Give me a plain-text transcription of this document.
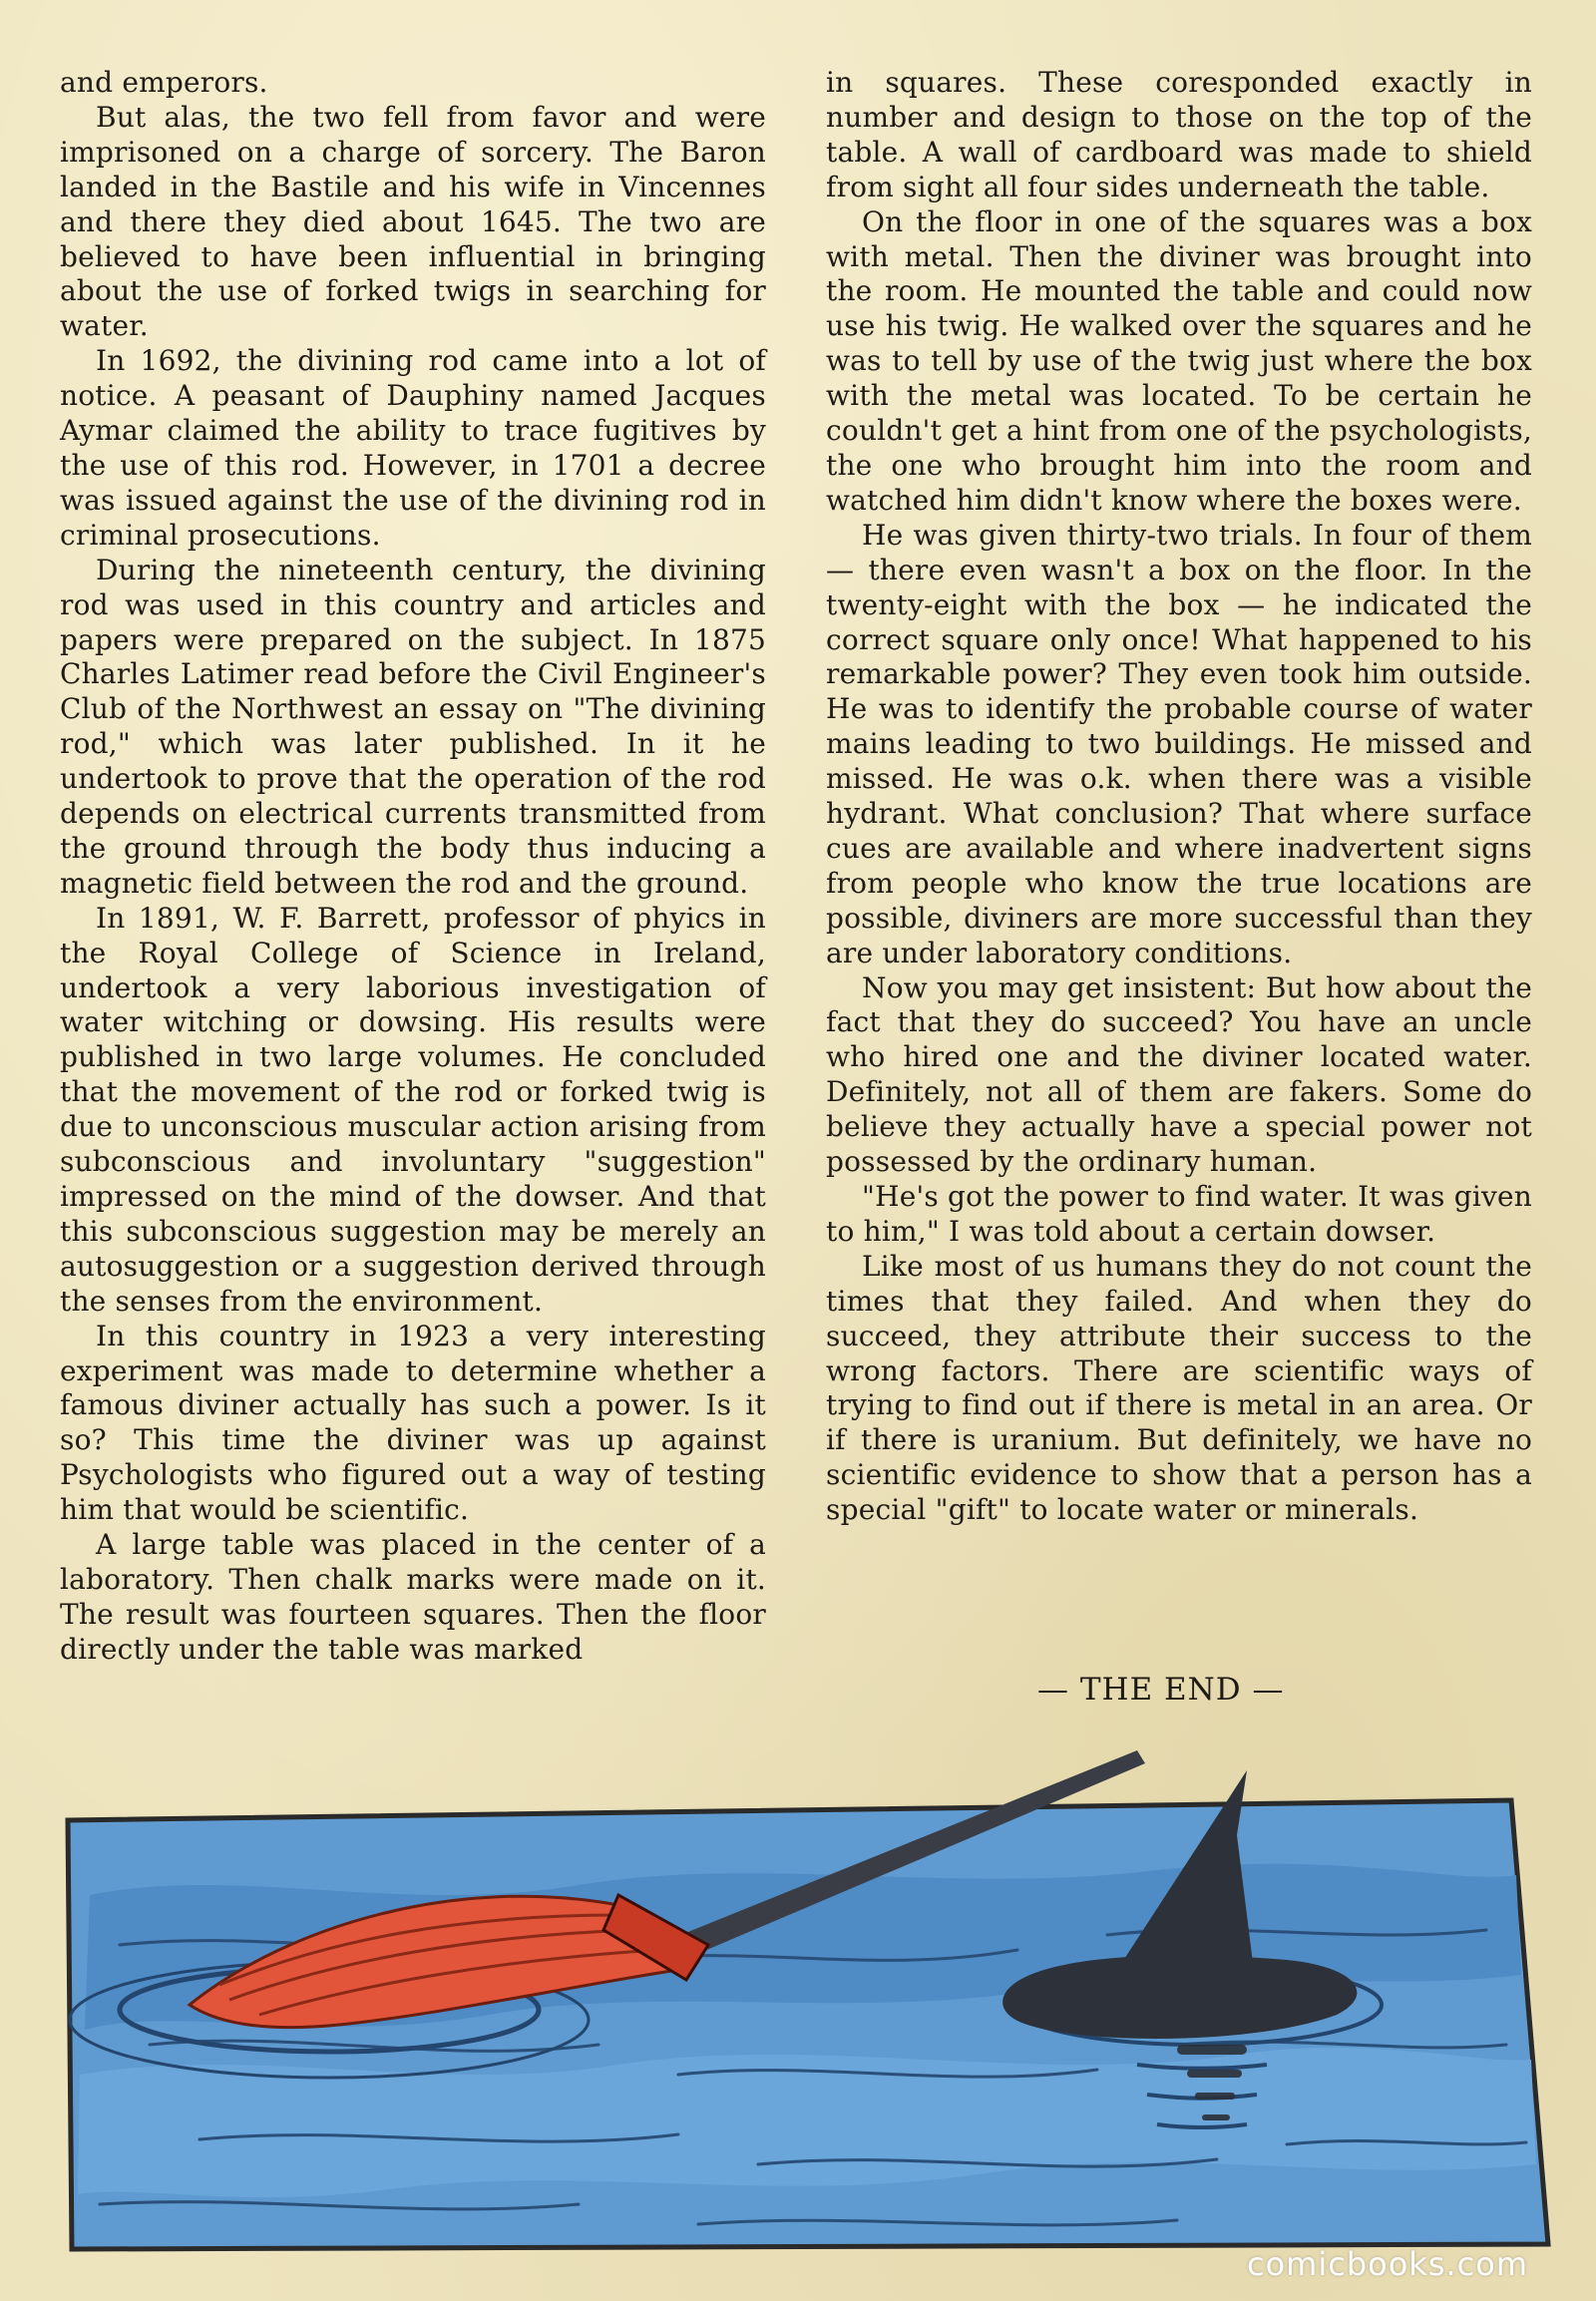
and emperors.

But alas, the two fell from favor and were imprisoned on a charge of sorcery. The Baron landed in the Bastile and his wife in Vincennes and there they died about 1645. The two are believed to have been influential in bringing about the use of forked twigs in searching for water.

In 1692, the divining rod came into a lot of notice. A peasant of Dauphiny named Jacques Aymar claimed the ability to trace fugitives by the use of this rod. However, in 1701 a decree was issued against the use of the divining rod in criminal prosecutions.

During the nineteenth century, the divining rod was used in this country and articles and papers were prepared on the subject. In 1875 Charles Latimer read before the Civil Engineer's Club of the Northwest an essay on "The divining rod," which was later published. In it he undertook to prove that the operation of the rod depends on electrical currents transmitted from the ground through the body thus inducing a magnetic field between the rod and the ground.

In 1891, W. F. Barrett, professor of phyics in the Royal College of Science in Ireland, undertook a very laborious investigation of water witching or dowsing. His results were published in two large volumes. He concluded that the movement of the rod or forked twig is due to unconscious muscular action arising from subconscious and involuntary "suggestion" impressed on the mind of the dowser. And that this subconscious suggestion may be merely an autosuggestion or a suggestion derived through the senses from the environment.

In this country in 1923 a very interesting experiment was made to determine whether a famous diviner actually has such a power. Is it so? This time the diviner was up against Psychologists who figured out a way of testing him that would be scientific.

A large table was placed in the center of a laboratory. Then chalk marks were made on it. The result was fourteen squares. Then the floor directly under the table was marked

in squares. These coresponded exactly in number and design to those on the top of the table. A wall of cardboard was made to shield from sight all four sides underneath the table.

On the floor in one of the squares was a box with metal. Then the diviner was brought into the room. He mounted the table and could now use his twig. He walked over the squares and he was to tell by use of the twig just where the box with the metal was located. To be certain he couldn't get a hint from one of the psychologists, the one who brought him into the room and watched him didn't know where the boxes were.

He was given thirty-two trials. In four of them — there even wasn't a box on the floor. In the twenty-eight with the box — he indicated the correct square only once! What happened to his remarkable power? They even took him outside. He was to identify the probable course of water mains leading to two buildings. He missed and missed. He was o.k. when there was a visible hydrant. What conclusion? That where surface cues are available and where inadvertent signs from people who know the true locations are possible, diviners are more successful than they are under laboratory conditions.

Now you may get insistent: But how about the fact that they do succeed? You have an uncle who hired one and the diviner located water. Definitely, not all of them are fakers. Some do believe they actually have a special power not possessed by the ordinary human.

"He's got the power to find water. It was given to him," I was told about a certain dowser.

Like most of us humans they do not count the times that they failed. And when they do succeed, they attribute their success to the wrong factors. There are scientific ways of trying to find out if there is metal in an area. Or if there is uranium. But definitely, we have no scientific evidence to show that a person has a special "gift" to locate water or minerals.

— THE END —
comicbooks.com
